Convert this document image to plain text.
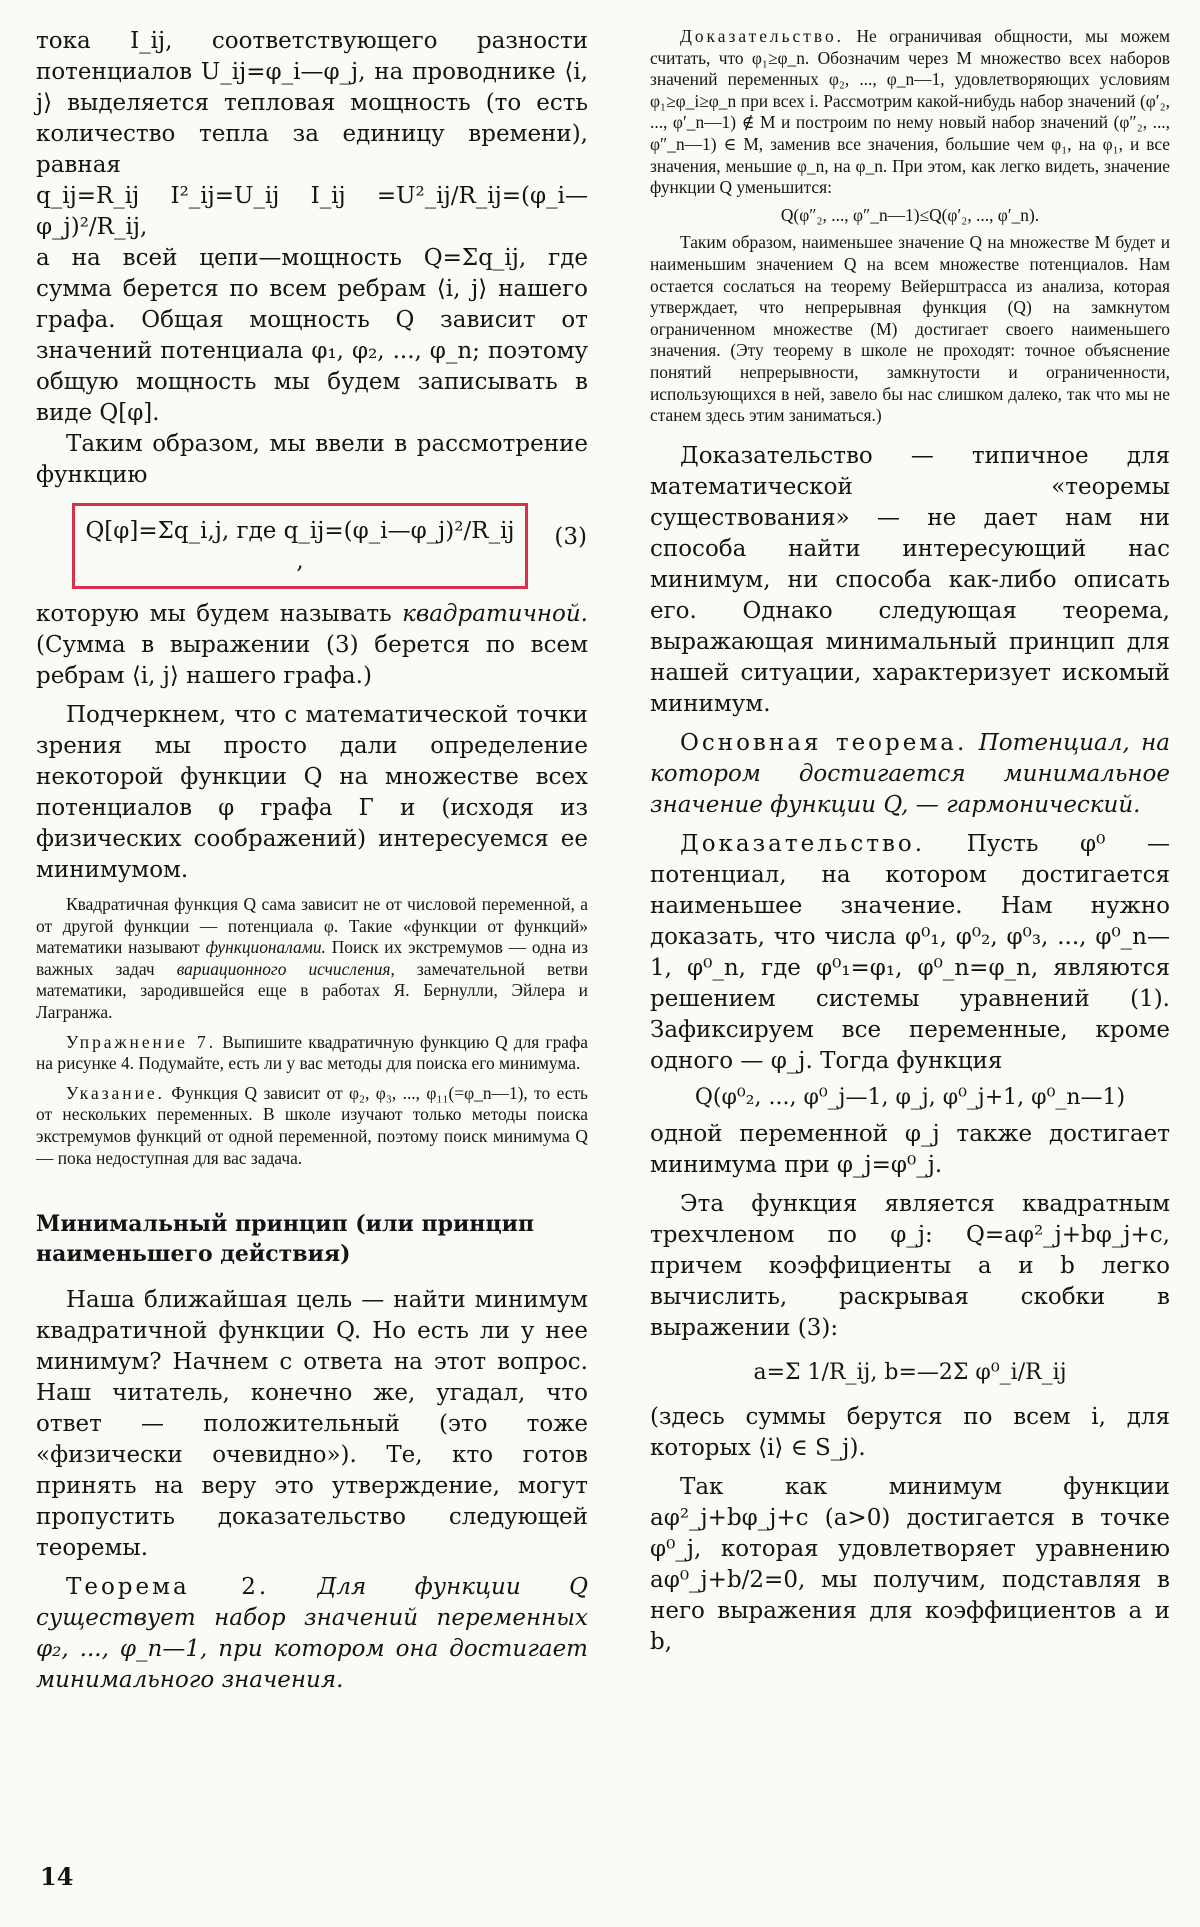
тока I_ij, соответствующего разности потенциалов U_ij=φ_i—φ_j, на проводнике ⟨i, j⟩ выделяется тепловая мощность (то есть количество тепла за единицу времени), равная

q_ij=R_ij I²_ij=U_ij I_ij =U²_ij/R_ij=(φ_i—φ_j)²/R_ij,

а на всей цепи—мощность Q=Σq_ij, где сумма берется по всем ребрам ⟨i, j⟩ нашего графа. Общая мощность Q зависит от значений потенциала φ₁, φ₂, ..., φ_n; поэтому общую мощность мы будем записывать в виде Q[φ].

Таким образом, мы ввели в рассмотрение функцию

Q[φ]=Σq_i,j, где q_ij=(φ_i—φ_j)²/R_ij ,
(3)

которую мы будем называть квадратичной. (Сумма в выражении (3) берется по всем ребрам ⟨i, j⟩ нашего графа.)

Подчеркнем, что с математической точки зрения мы просто дали определение некоторой функции Q на множестве всех потенциалов φ графа Г и (исходя из физических соображений) интересуемся ее минимумом.

Квадратичная функция Q сама зависит не от числовой переменной, а от другой функции — потенциала φ. Такие «функции от функций» математики называют функционалами. Поиск их экстремумов — одна из важных задач вариационного исчисления, замечательной ветви математики, зародившейся еще в работах Я. Бернулли, Эйлера и Лагранжа.

Упражнение 7. Выпишите квадратичную функцию Q для графа на рисунке 4. Подумайте, есть ли у вас методы для поиска его минимума.

Указание. Функция Q зависит от φ₂, φ₃, ..., φ₁₁(=φ_n—1), то есть от нескольких переменных. В школе изучают только методы поиска экстремумов функций от одной переменной, поэтому поиск минимума Q — пока недоступная для вас задача.

Минимальный принцип (или принцип наименьшего действия)

Наша ближайшая цель — найти минимум квадратичной функции Q. Но есть ли у нее минимум? Начнем с ответа на этот вопрос. Наш читатель, конечно же, угадал, что ответ — положительный (это тоже «физически очевидно»). Те, кто готов принять на веру это утверждение, могут пропустить доказательство следующей теоремы.

Теорема 2. Для функции Q существует набор значений переменных φ₂, ..., φ_n—1, при котором она достигает минимального значения.

Доказательство. Не ограничивая общности, мы можем считать, что φ₁≥φ_n. Обозначим через M множество всех наборов значений переменных φ₂, ..., φ_n—1, удовлетворяющих условиям φ₁≥φ_i≥φ_n при всех i. Рассмотрим какой-нибудь набор значений (φ′₂, ..., φ′_n—1) ∉ M и построим по нему новый набор значений (φ″₂, ..., φ″_n—1) ∈ M, заменив все значения, большие чем φ₁, на φ₁, и все значения, меньшие φ_n, на φ_n. При этом, как легко видеть, значение функции Q уменьшится:

Q(φ″₂, ..., φ″_n—1)≤Q(φ′₂, ..., φ′_n).

Таким образом, наименьшее значение Q на множестве M будет и наименьшим значением Q на всем множестве потенциалов. Нам остается сослаться на теорему Вейерштрасса из анализа, которая утверждает, что непрерывная функция (Q) на замкнутом ограниченном множестве (M) достигает своего наименьшего значения. (Эту теорему в школе не проходят: точное объяснение понятий непрерывности, замкнутости и ограниченности, использующихся в ней, завело бы нас слишком далеко, так что мы не станем здесь этим заниматься.)

Доказательство — типичное для математической «теоремы существования» — не дает нам ни способа найти интересующий нас минимум, ни способа как-либо описать его. Однако следующая теорема, выражающая минимальный принцип для нашей ситуации, характеризует искомый минимум.

Основная теорема. Потенциал, на котором достигается минимальное значение функции Q, — гармонический.

Доказательство. Пусть φ⁰ — потенциал, на котором достигается наименьшее значение. Нам нужно доказать, что числа φ⁰₁, φ⁰₂, φ⁰₃, ..., φ⁰_n—1, φ⁰_n, где φ⁰₁=φ₁, φ⁰_n=φ_n, являются решением системы уравнений (1). Зафиксируем все переменные, кроме одного — φ_j. Тогда функция

Q(φ⁰₂, ..., φ⁰_j—1, φ_j, φ⁰_j+1, φ⁰_n—1)

одной переменной φ_j также достигает минимума при φ_j=φ⁰_j.

Эта функция является квадратным трехчленом по φ_j: Q=aφ²_j+bφ_j+c, причем коэффициенты a и b легко вычислить, раскрывая скобки в выражении (3):

a=Σ 1/R_ij, b=—2Σ φ⁰_i/R_ij

(здесь суммы берутся по всем i, для которых ⟨i⟩ ∈ S_j).

Так как минимум функции aφ²_j+bφ_j+c (a>0) достигается в точке φ⁰_j, которая удовлетворяет уравнению aφ⁰_j+b/2=0, мы получим, подставляя в него выражения для коэффициентов a и b,

14
